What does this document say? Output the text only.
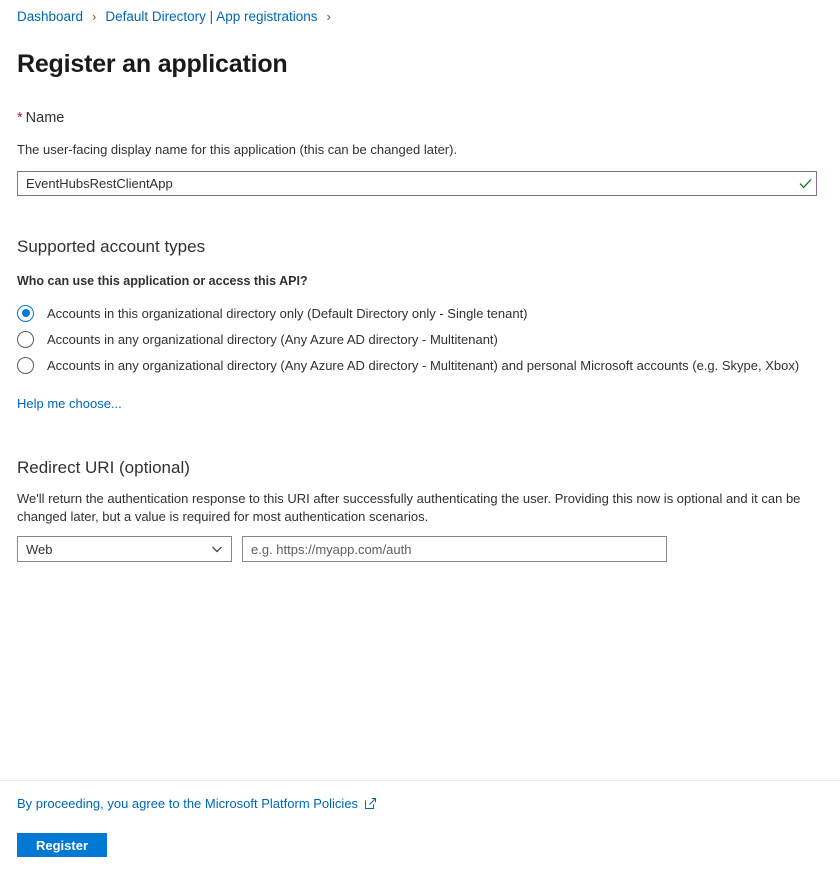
Dashboard › Default Directory | App registrations ›
Register an application
* Name
The user-facing display name for this application (this can be changed later).
EventHubsRestClientApp
Supported account types
Who can use this application or access this API?
Accounts in this organizational directory only (Default Directory only - Single tenant)
Accounts in any organizational directory (Any Azure AD directory - Multitenant)
Accounts in any organizational directory (Any Azure AD directory - Multitenant) and personal Microsoft accounts (e.g. Skype, Xbox)
Help me choose...
Redirect URI (optional)
We'll return the authentication response to this URI after successfully authenticating the user. Providing this now is optional and it can be changed later, but a value is required for most authentication scenarios.
Web
e.g. https://myapp.com/auth
By proceeding, you agree to the Microsoft Platform Policies
Register
